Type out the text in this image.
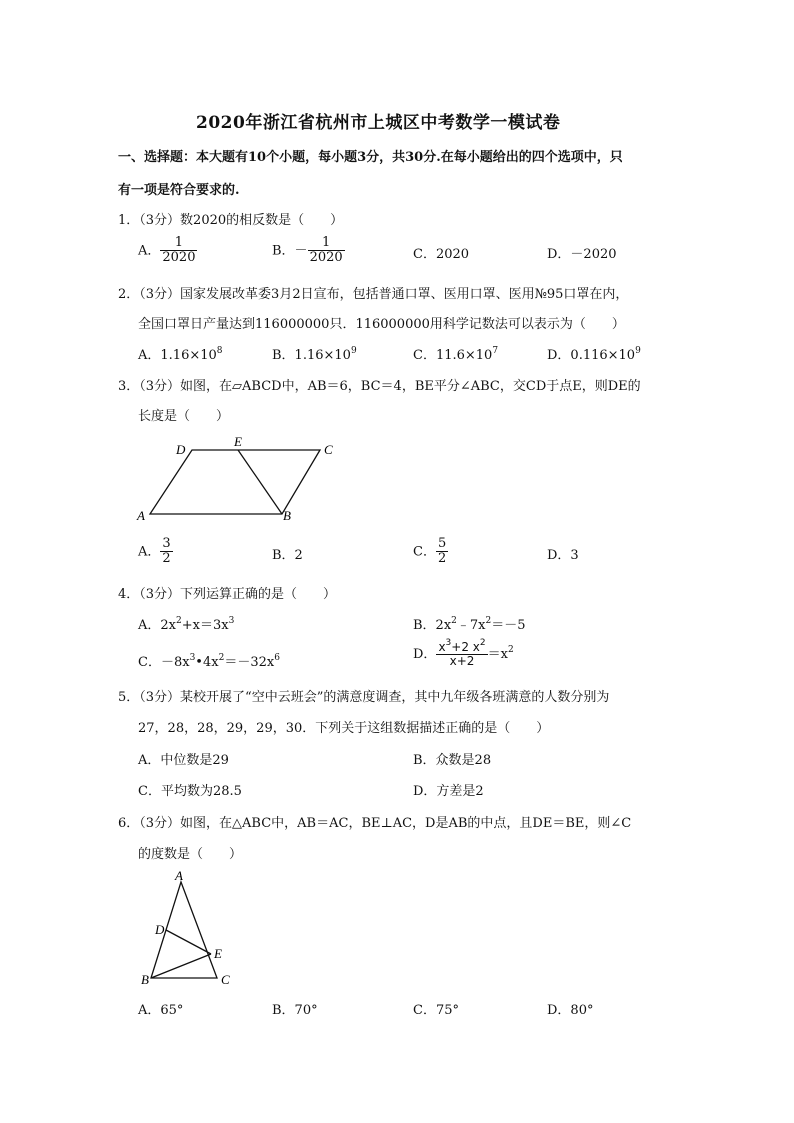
2020年浙江省杭州市上城区中考数学一模试卷
一、选择题：本大题有10个小题，每小题3分，共30分.在每小题给出的四个选项中，只
有一项是符合要求的.
1．（3分）数2020的相反数是（　　）
A． $\frac{1}{2020}$	B．－ $\frac{1}{2020}$	C．2020	D．－2020
2．（3分）国家发展改革委3月2日宣布，包括普通口罩、医用口罩、医用№95口罩在内，
全国口罩日产量达到116000000只．116000000用科学记数法可以表示为（　　）
A．$1.16\times 10^8$	B．$1.16\times 10^9$	C．$11.6\times 10^7$	D．$0.116\times 10^9$
3．（3分）如图，在▱ABCD中，AB＝6，BC＝4，BE平分∠ABC，交CD于点E，则DE的
长度是（　　）
D
E
C
A	B
A． $\frac{3}{2}$	B．2	C． $\frac{5}{2}$	D．3
4．（3分）下列运算正确的是（　　）
A．$2x^2+x=3x^3$	B．$2x^2﹣7x^2=-5$
C．$-8x^3•4x^2=-32x^6$	D． $\frac{x^3+2 x^2}{x+2} =x^2$
5．（3分）某校开展了“空中云班会”的满意度调查，其中九年级各班满意的人数分别为
27，28，28，29，29，30．下列关于这组数据描述正确的是（　　）
A．中位数是29	B．众数是28
C．平均数为28.5	D．方差是2
6．（3分）如图，在△ABC中，AB＝AC，BE⊥AC，D是AB的中点，且DE＝BE，则∠C
的度数是（　　）
A
D
E
B	C
A．65°	B．70°	C．75°	D．80°
